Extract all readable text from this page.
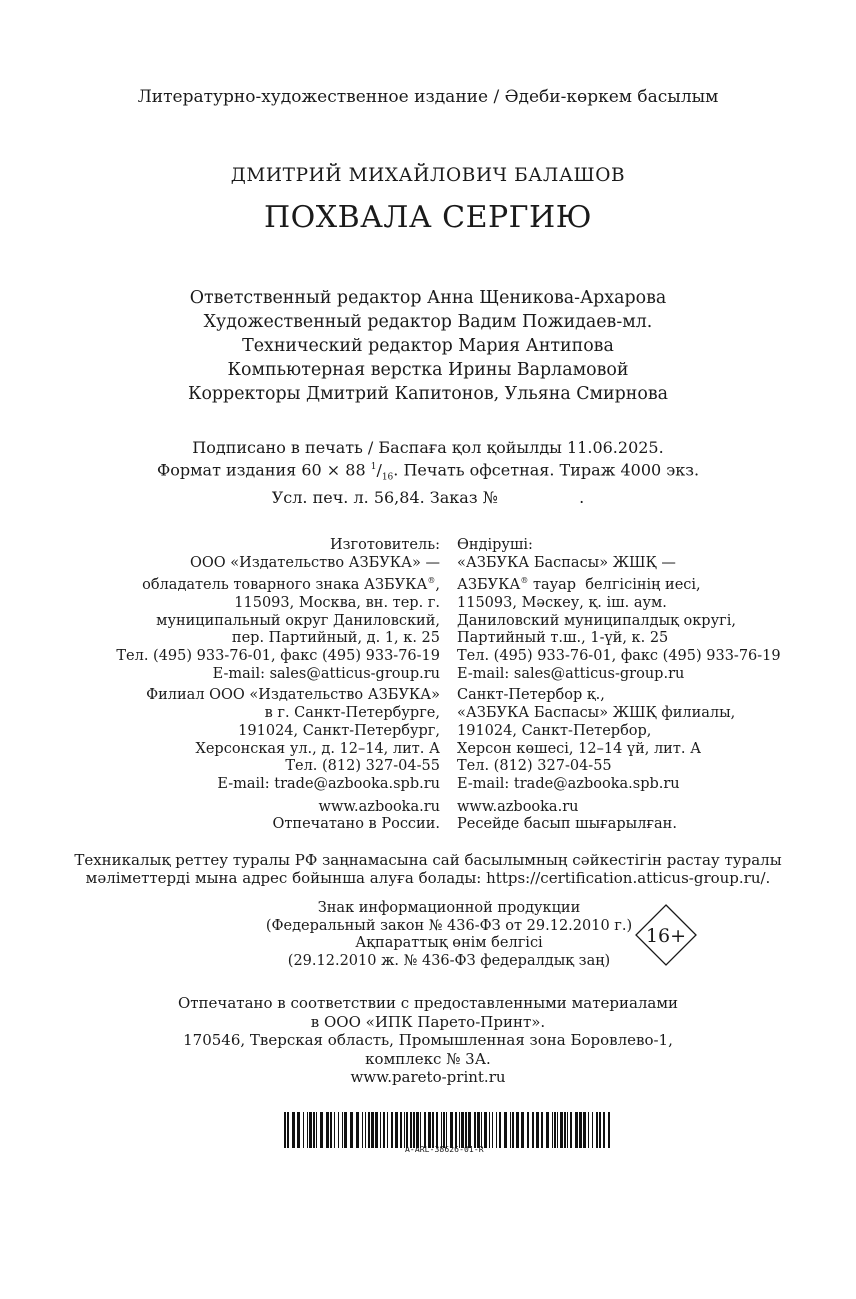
Литературно-художественное издание / Әдеби-көркем басылым
ДМИТРИЙ МИХАЙЛОВИЧ БАЛАШОВ
ПОХВАЛА СЕРГИЮ
Ответственный редактор Анна Щеникова-Архарова
Художественный редактор Вадим Пожидаев-мл.
Технический редактор Мария Антипова
Компьютерная верстка Ирины Варламовой
Корректоры Дмитрий Капитонов, Ульяна Смирнова
Подписано в печать / Баспаға қол қойылды 11.06.2025.
Формат издания 60 × 88 $^1/_{16}$. Печать офсетная. Тираж 4000 экз.
Усл. печ. л. 56,84. Заказ №                .
Изготовитель:
ООО «Издательство АЗБУКА» —
обладатель товарного знака АЗБУКА®,
115093, Москва, вн. тер. г.
муниципальный округ Даниловский,
пер. Партийный, д. 1, к. 25
Тел. (495) 933-76-01, факс (495) 933-76-19
E-mail: sales@atticus-group.ru
Филиал ООО «Издательство АЗБУКА»
в г. Санкт-Петербурге,
191024, Санкт-Петербург,
Херсонская ул., д. 12–14, лит. А
Тел. (812) 327-04-55
E-mail: trade@azbooka.spb.ru
www.azbooka.ru
Отпечатано в России.
Өндіруші:
«АЗБУКА Баспасы» ЖШҚ —
АЗБУКА® тауар  белгісінің иесі,
115093, Мәскеу, қ. іш. аум.
Даниловский муниципалдық округі,
Партийный т.ш., 1-үй, к. 25
Тел. (495) 933-76-01, факс (495) 933-76-19
E-mail: sales@atticus-group.ru
Санкт-Петербор қ.,
«АЗБУКА Баспасы» ЖШҚ филиалы,
191024, Санкт-Петербор,
Херсон көшесі, 12–14 үй, лит. А
Тел. (812) 327-04-55
E-mail: trade@azbooka.spb.ru
www.azbooka.ru
Ресейде басып шығарылған.
Техникалық реттеу туралы РФ заңнамасына сай басылымның сәйкестігін растау туралы
мәліметтерді мына адрес бойынша алуға болады: https://certification.atticus-group.ru/.
Знак информационной продукции
(Федеральный закон № 436-ФЗ от 29.12.2010 г.)
Ақпараттық өнім белгісі
(29.12.2010 ж. № 436-ФЗ федералдық заң)
16+
Отпечатано в соответствии с предоставленными материалами
в ООО «ИПК Парето-Принт».
170546, Тверская область, Промышленная зона Боровлево-1,
комплекс № 3А.
www.pareto-print.ru
A-ARL-38626-01-R
